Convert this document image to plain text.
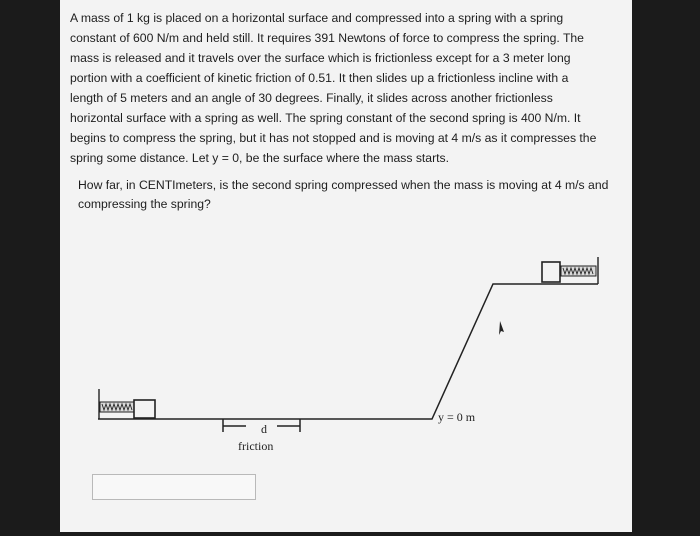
A mass of 1 kg is placed on a horizontal surface and compressed into a spring with a spring
constant of 600 N/m and held still. It requires 391 Newtons of force to compress the spring. The
mass is released and it travels over the surface which is frictionless except for a 3 meter long
portion with a coefficient of kinetic friction of 0.51. It then slides up a frictionless incline with a
length of 5 meters and an angle of 30 degrees. Finally, it slides across another frictionless
horizontal surface with a spring as well. The spring constant of the second spring is 400 N/m. It
begins to compress the spring, but it has not stopped and is moving at 4 m/s as it compresses the
spring some distance. Let y = 0, be the surface where the mass starts.
How far, in CENTImeters, is the second spring compressed when the mass is moving at 4 m/s and
compressing the spring?
d
friction
y = 0 m
